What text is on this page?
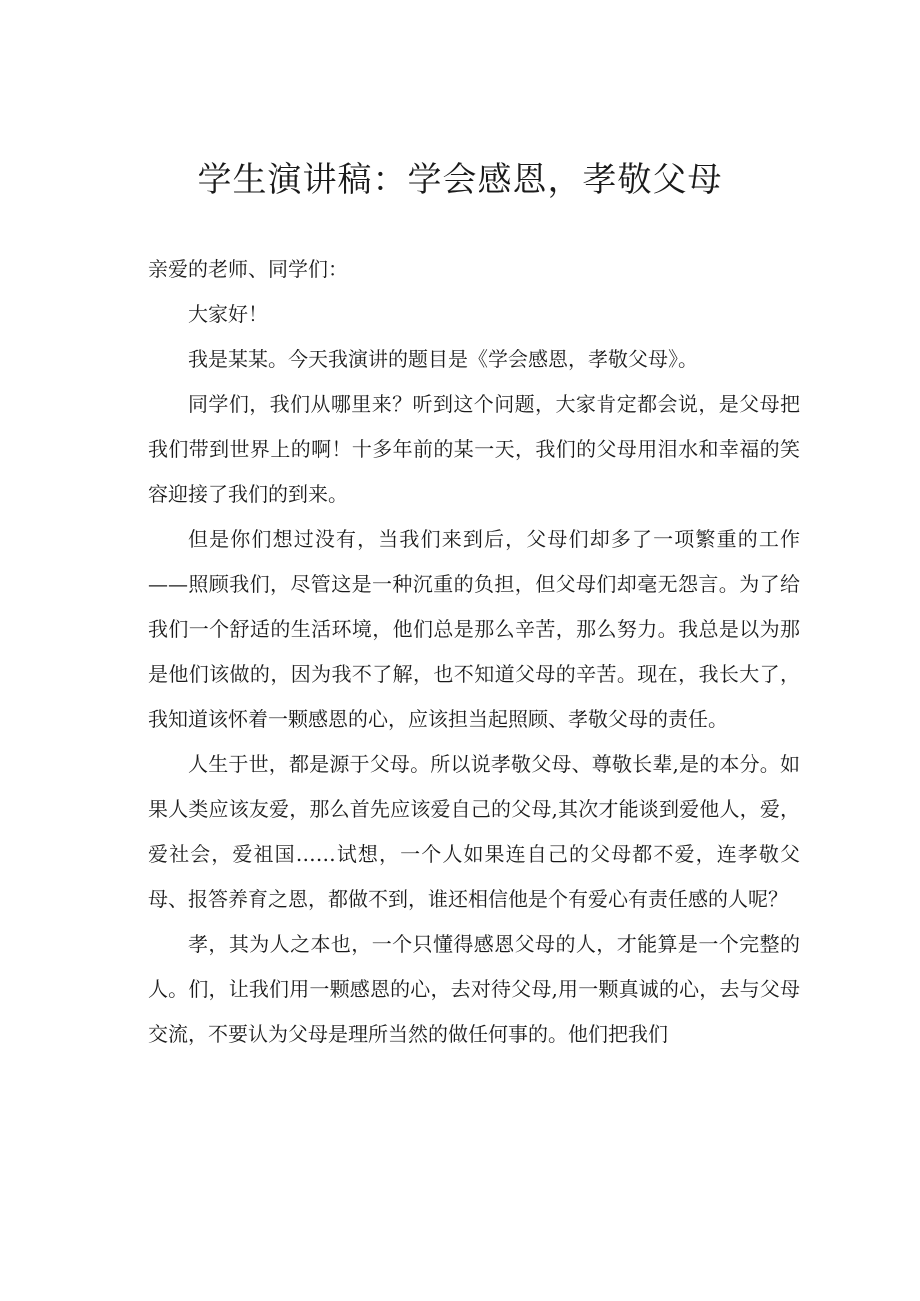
学生演讲稿：学会感恩，孝敬父母

亲爱的老师、同学们：

大家好！

我是某某。今天我演讲的题目是《学会感恩，孝敬父母》。

同学们，我们从哪里来？听到这个问题，大家肯定都会说，是父母把我们带到世界上的啊！十多年前的某一天，我们的父母用泪水和幸福的笑容迎接了我们的到来。

但是你们想过没有，当我们来到后，父母们却多了一项繁重的工作——照顾我们，尽管这是一种沉重的负担，但父母们却毫无怨言。为了给我们一个舒适的生活环境，他们总是那么辛苦，那么努力。我总是以为那是他们该做的，因为我不了解，也不知道父母的辛苦。现在，我长大了，我知道该怀着一颗感恩的心，应该担当起照顾、孝敬父母的责任。

人生于世，都是源于父母。所以说孝敬父母、尊敬长辈,是的本分。如果人类应该友爱，那么首先应该爱自己的父母,其次才能谈到爱他人，爱，爱社会，爱祖国……试想，一个人如果连自己的父母都不爱，连孝敬父母、报答养育之恩，都做不到，谁还相信他是个有爱心有责任感的人呢？

孝，其为人之本也，一个只懂得感恩父母的人，才能算是一个完整的人。们，让我们用一颗感恩的心，去对待父母,用一颗真诚的心，去与父母交流，不要认为父母是理所当然的做任何事的。他们把我们
